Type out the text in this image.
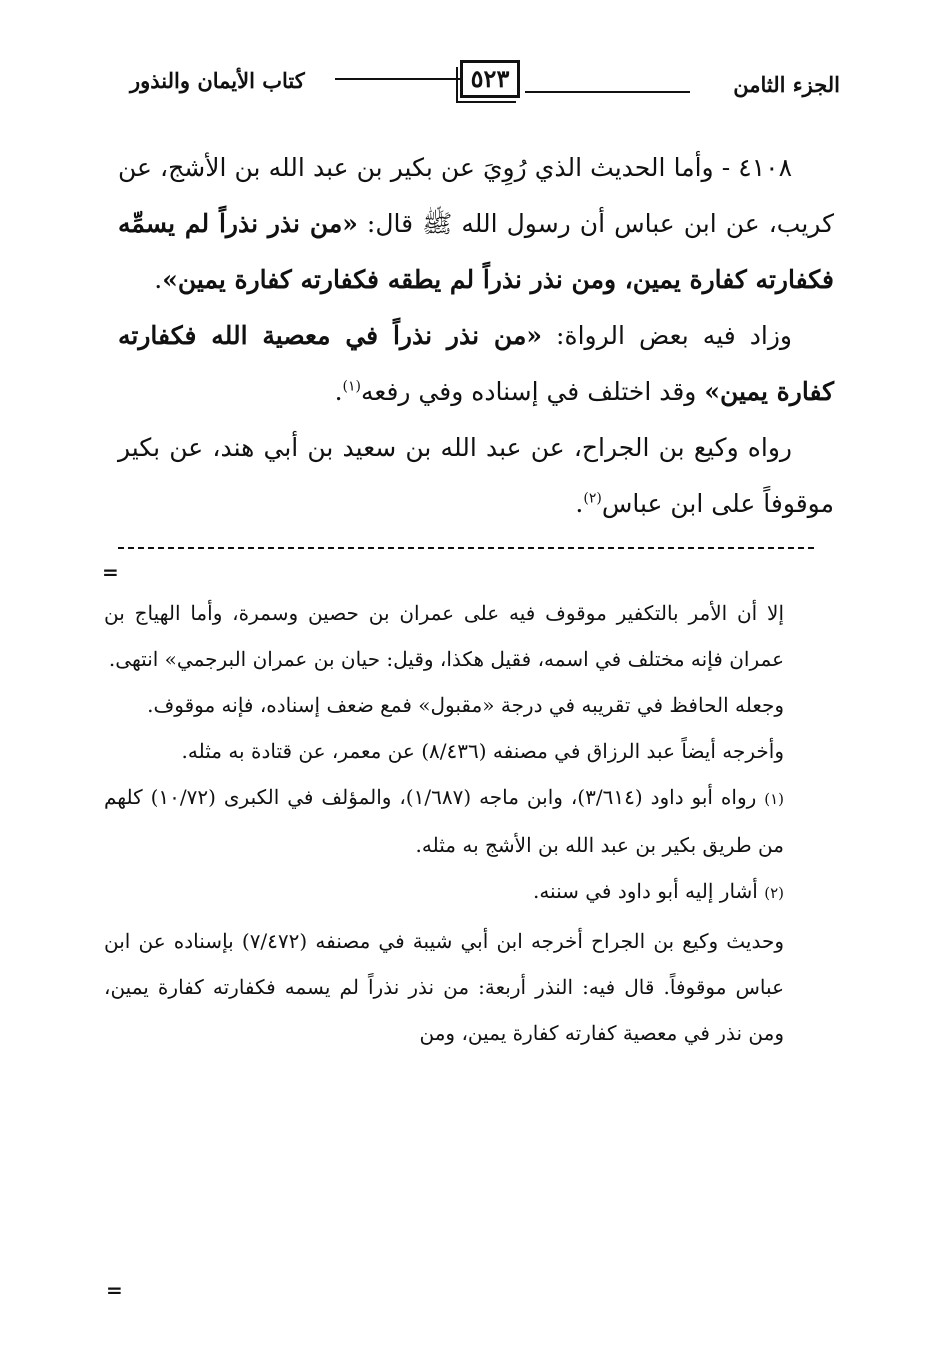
الجزء الثامن
٥٢٣
كتاب الأيمان والنذور

٤١٠٨ - وأما الحديث الذي رُوِيَ عن بكير بن عبد الله بن الأشج، عن كريب، عن ابن عباس أن رسول الله ﷺ قال: «من نذر نذراً لم يسمِّه فكفارته كفارة يمين، ومن نذر نذراً لم يطقه فكفارته كفارة يمين».

وزاد فيه بعض الرواة: «من نذر نذراً في معصية الله فكفارته كفارة يمين» وقد اختلف في إسناده وفي رفعه$^{(١)}$.

رواه وكيع بن الجراح، عن عبد الله بن سعيد بن أبي هند، عن بكير موقوفاً على ابن عباس$^{(٢)}$.

=

إلا أن الأمر بالتكفير موقوف فيه على عمران بن حصين وسمرة، وأما الهياج بن عمران فإنه مختلف في اسمه، فقيل هكذا، وقيل: حيان بن عمران البرجمي» انتهى.

وجعله الحافظ في تقريبه في درجة «مقبول» فمع ضعف إسناده، فإنه موقوف.

وأخرجه أيضاً عبد الرزاق في مصنفه (٨/٤٣٦) عن معمر، عن قتادة به مثله.

(١) رواه أبو داود (٣/٦١٤)، وابن ماجه (١/٦٨٧)، والمؤلف في الكبرى (١٠/٧٢) كلهم من طريق بكير بن عبد الله بن الأشج به مثله.

(٢) أشار إليه أبو داود في سننه.

وحديث وكيع بن الجراح أخرجه ابن أبي شيبة في مصنفه (٧/٤٧٢) بإسناده عن ابن عباس موقوفاً. قال فيه: النذر أربعة: من نذر نذراً لم يسمه فكفارته كفارة يمين، ومن نذر في معصية كفارته كفارة يمين، ومن

=
